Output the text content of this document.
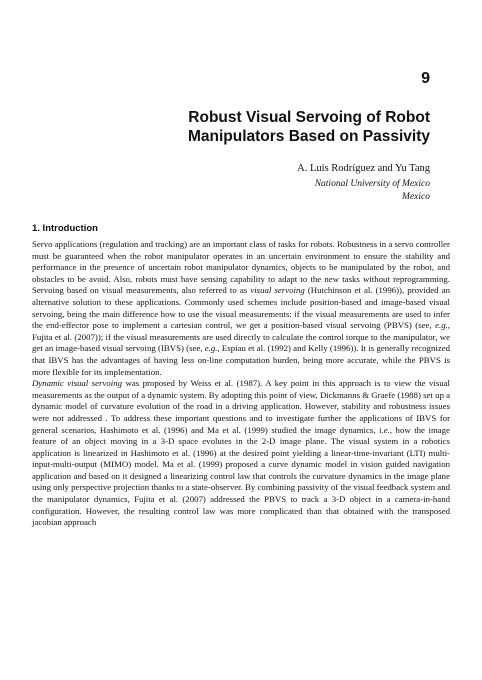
9
Robust Visual Servoing of Robot Manipulators Based on Passivity
A. Luis Rodríguez and Yu Tang
National University of Mexico
Mexico
1. Introduction

Servo applications (regulation and tracking) are an important class of tasks for robots. Robustness in a servo controller must be guaranteed when the robot manipulator operates in an uncertain environment to ensure the stability and performance in the presence of uncertain robot manipulator dynamics, objects to be manipulated by the robot, and obstacles to be avoid. Also, robots must have sensing capability to adapt to the new tasks without reprogramming. Servoing based on visual measurements, also referred to as visual servoing (Hutchinson et al. (1996)), provided an alternative solution to these applications. Commonly used schemes include position-based and image-based visual servoing, being the main difference how to use the visual measurements: if the visual measurements are used to infer the end-effector pose to implement a cartesian control, we get a position-based visual servoing (PBVS) (see, e.g., Fujita et al. (2007)); if the visual measurements are used directly to calculate the control torque to the manipulator, we get an image-based visual servoing (IBVS) (see, e.g., Espiau et al. (1992) and Kelly (1996)). It is generally recognized that IBVS has the advantages of having less on-line computation burden, being more accurate, while the PBVS is more flexible for its implementation.

Dynamic visual servoing was proposed by Weiss et al. (1987). A key point in this approach is to view the visual measurements as the output of a dynamic system. By adopting this point of view, Dickmanns & Graefe (1988) set up a dynamic model of curvature evolution of the road in a driving application. However, stability and robustness issues were not addressed . To address these important questions and to investigate further the applications of IBVS for general scenarios, Hashimoto et al. (1996) and Ma et al. (1999) studied the image dynamics, i.e., how the image feature of an object moving in a 3-D space evolutes in the 2-D image plane. The visual system in a robotics application is linearized in Hashimoto et al. (1996) at the desired point yielding a linear-time-invariant (LTI) multi-input-multi-output (MIMO) model. Ma et al. (1999) proposed a curve dynamic model in vision guided navigation application and based on it designed a linearizing control law that controls the curvature dynamics in the image plane using only perspective projection thanks to a state-observer. By combining passivity of the visual feedback system and the manipulator dynamics, Fujita et al. (2007) addressed the PBVS to track a 3-D object in a camera-in-hand configuration. However, the resulting control law was more complicated than that obtained with the transposed jacobian approach
